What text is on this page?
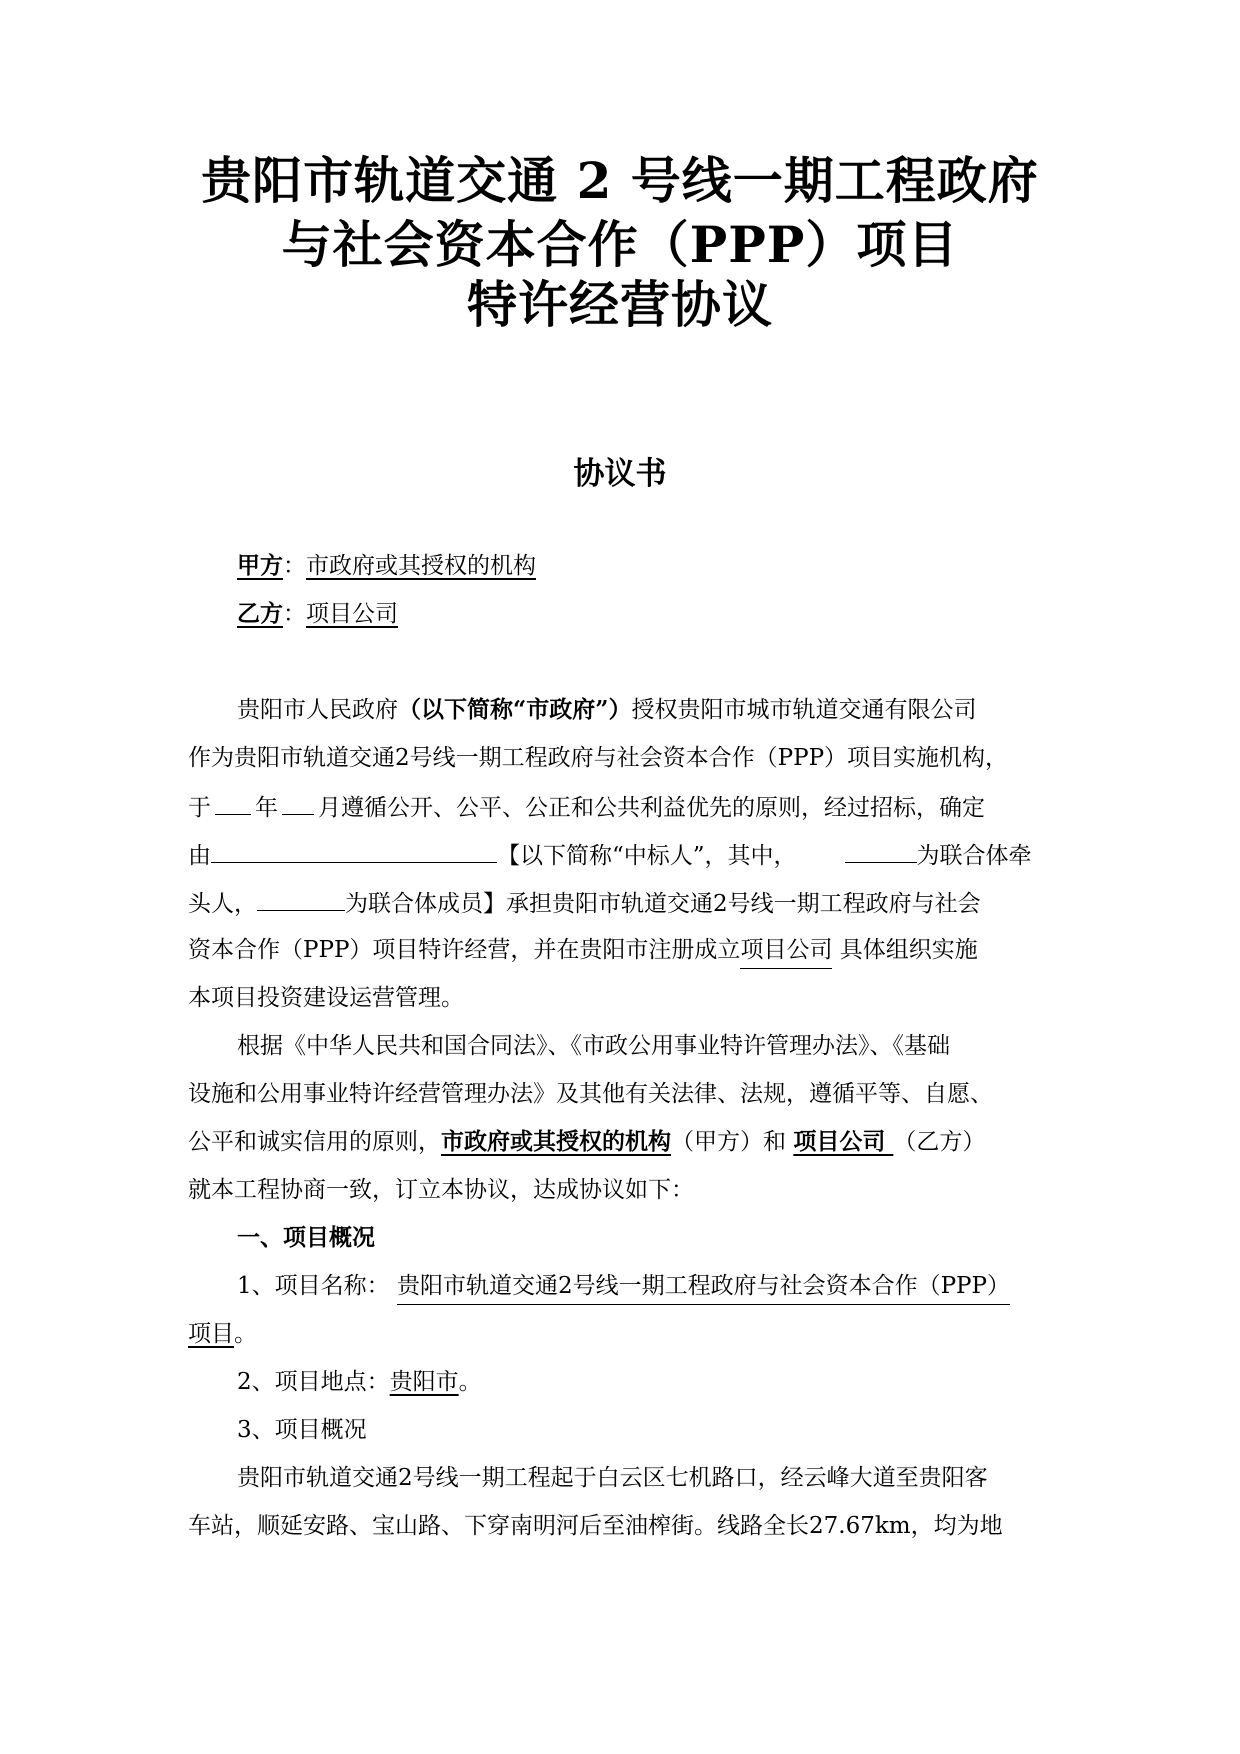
贵阳市轨道交通 2 号线一期工程政府
与社会资本合作（PPP）项目
特许经营协议
协议书
甲方：市政府或其授权的机构
乙方：项目公司
贵阳市人民政府（以下简称“市政府”）授权贵阳市城市轨道交通有限公司
作为贵阳市轨道交通2号线一期工程政府与社会资本合作（PPP）项目实施机构，
于 年 月遵循公开、公平、公正和公共利益优先的原则，经过招标，确定
由	【以下简称“中标人”，其中，	为联合体牵
头人，	为联合体成员】承担贵阳市轨道交通2号线一期工程政府与社会
资本合作（PPP）项目特许经营，并在贵阳市注册成立项目公司 具体组织实施
本项目投资建设运营管理。
根据《中华人民共和国合同法》、《市政公用事业特许管理办法》、《基础
设施和公用事业特许经营管理办法》及其他有关法律、法规，遵循平等、自愿、
公平和诚实信用的原则，市政府或其授权的机构（甲方）和 项目公司 （乙方）
就本工程协商一致，订立本协议，达成协议如下：
一、项目概况
1、项目名称： 贵阳市轨道交通2号线一期工程政府与社会资本合作（PPP）
项目。
2、项目地点：贵阳市。
3、项目概况
贵阳市轨道交通2号线一期工程起于白云区七机路口，经云峰大道至贵阳客
车站，顺延安路、宝山路、下穿南明河后至油榨街。线路全长27.67km，均为地
